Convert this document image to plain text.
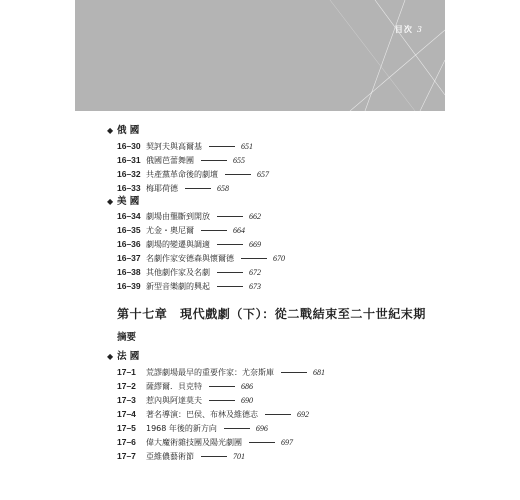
目次 3
◆ 俄 國
16–30 契訶夫與高爾基	651
16–31 俄國芭蕾舞團	655
16–32 共產黨革命後的劇壇	657
16–33 梅耶荷德	658
◆ 美 國
16–34 劇場由壟斷到開放	662
16–35 尤金・奧尼爾	664
16–36 劇場的變遷與調適	669
16–37 名劇作家安德森與懷爾德	670
16–38 其他劇作家及名劇	672
16–39 新型音樂劇的興起	673
第十七章　現代戲劇（下）：從二戰結束至二十世紀末期
摘要
◆ 法 國
17–1 荒謬劇場最早的重要作家：尤奈斯庫	681
17–2 薩繆爾．貝克特	686
17–3 惹內與阿達莫夫	690
17–4 著名導演：巴侯、布林及維德志	692
17–5 1968 年後的新方向	696
17–6 偉大魔術雜技團及陽光劇團	697
17–7 亞維儂藝術節	701
